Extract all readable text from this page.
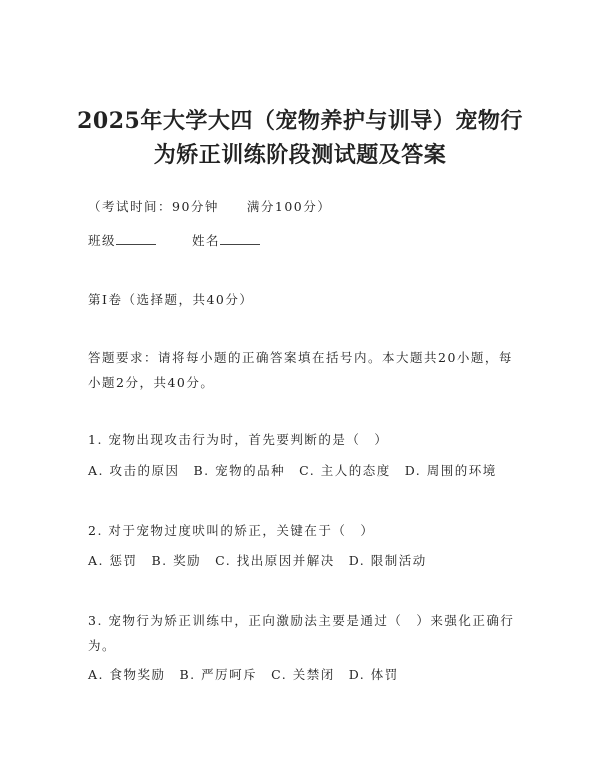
2025年大学大四（宠物养护与训导）宠物行
为矫正训练阶段测试题及答案
（考试时间：90分钟　　满分100分）
班级	姓名
第Ⅰ卷（选择题，共40分）
答题要求：请将每小题的正确答案填在括号内。本大题共20小题，每
小题2分，共40分。
1. 宠物出现攻击行为时，首先要判断的是（　）
A. 攻击的原因 B. 宠物的品种 C. 主人的态度 D. 周围的环境
2. 对于宠物过度吠叫的矫正，关键在于（　）
A. 惩罚 B. 奖励 C. 找出原因并解决 D. 限制活动
3. 宠物行为矫正训练中，正向激励法主要是通过（　）来强化正确行
为。
A. 食物奖励 B. 严厉呵斥 C. 关禁闭 D. 体罚
